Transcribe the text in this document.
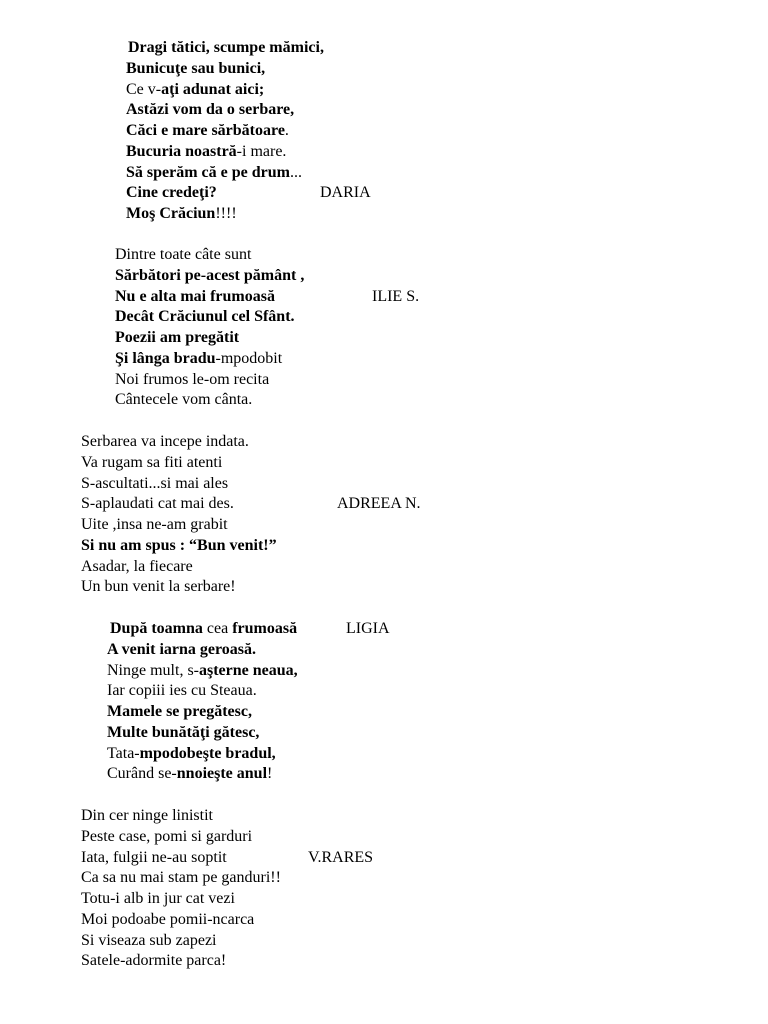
Dragi tătici, scumpe mămici,
Bunicuţe sau bunici,
Ce v-aţi adunat aici;
Astăzi vom da o serbare,
Căci e mare sărbătoare.
Bucuria noastră-i mare.
Să sperăm că e pe drum...
Cine credeţi?
Moş Crăciun!!!!
DARIA
Dintre toate câte sunt
Sărbători pe-acest pământ ,
Nu e alta mai frumoasă
Decât Crăciunul cel Sfânt.
Poezii am pregătit
Şi lânga bradu-mpodobit
Noi frumos le-om recita
Cântecele vom cânta.
ILIE S.
Serbarea va incepe indata.
Va rugam sa fiti atenti
S-ascultati...si mai ales
S-aplaudati cat mai des.
Uite ,insa ne-am grabit
Si nu am spus : “Bun venit!”
Asadar, la fiecare
Un bun venit la serbare!
ADREEA N.
După toamna cea frumoasă
A venit iarna geroasă.
Ninge mult, s-aşterne neaua,
Iar copiii ies cu Steaua.
Mamele se pregătesc,
Multe bunătăţi gătesc,
Tata-mpodobeşte bradul,
Curând se-nnoieşte anul!
LIGIA
Din cer ninge linistit
Peste case, pomi si garduri
Iata, fulgii ne-au soptit
Ca sa nu mai stam pe ganduri!!
Totu-i alb in jur cat vezi
Moi podoabe pomii-ncarca
Si viseaza sub zapezi
Satele-adormite parca!
V.RARES
